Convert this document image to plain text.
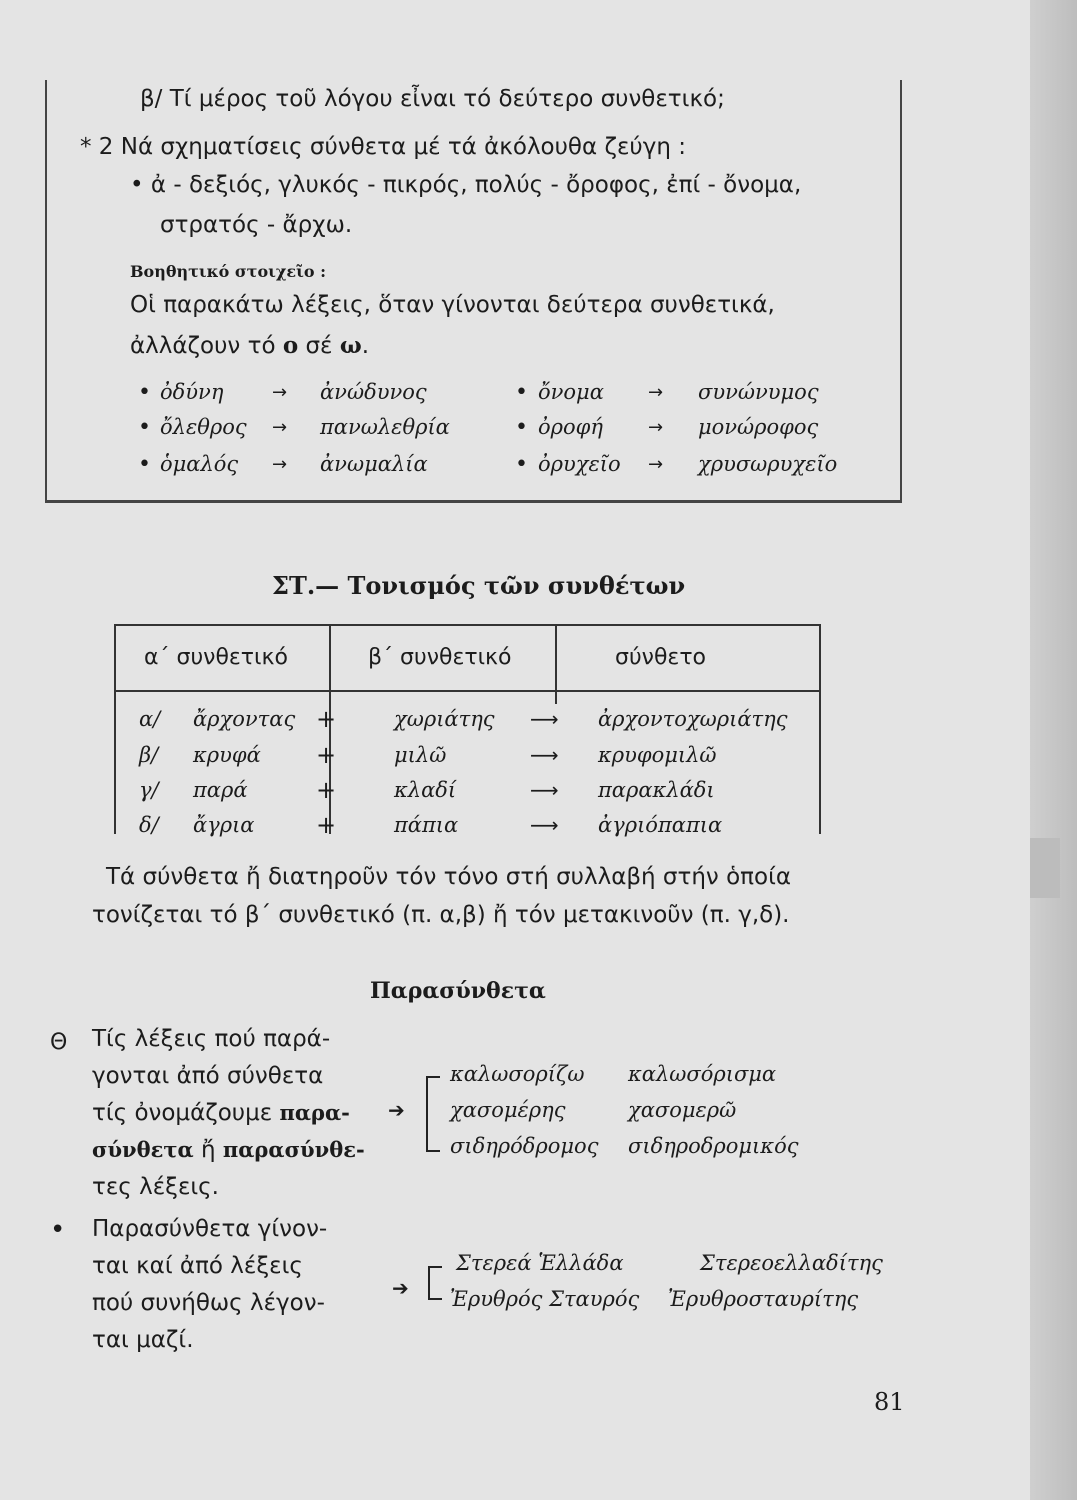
β/ Τί μέρος τοῦ λόγου εἶναι τό δεύτερο συνθετικό;
* 2 Νά σχηματίσεις σύνθετα μέ τά ἀκόλουθα ζεύγη :
• ἀ - δεξιός, γλυκός - πικρός, πολύς - ὄροφος, ἐπί - ὄνομα,
στρατός - ἄρχω.
Βοηθητικό στοιχεῖο :
Οἱ παρακάτω λέξεις, ὅταν γίνονται δεύτερα συνθετικά,
ἀλλάζουν τό ο σέ ω.
• ὀδύνη	→ ἀνώδυνος
• ὄλεθρος → πανωλεθρία
• ὁμαλός → ἀνωμαλία
• ὄνομα → συνώνυμος
• ὀροφή	→ μονώροφος
• ὀρυχεῖο → χρυσωρυχεῖο
ΣΤ.— Τονισμός τῶν συνθέτων
α΄ συνθετικό	β΄ συνθετικό	σύνθετο
α/ ἄρχοντας +	χωριάτης ⟶ ἀρχοντοχωριάτης
β/ κρυφά +	μιλῶ	⟶ κρυφομιλῶ
γ/ παρά	+	κλαδί	⟶ παρακλάδι
δ/ ἄγρια	+	πάπια	⟶ ἀγριόπαπια
Τά σύνθετα ἤ διατηροῦν τόν τόνο στή συλλαβή στήν ὁποία
τονίζεται τό β΄ συνθετικό (π. α,β) ἤ τόν μετακινοῦν (π. γ,δ).
Παρασύνθετα
Θ Τίς λέξεις πού παρά-
γονται ἀπό σύνθετα
τίς ὀνομάζουμε παρα-
σύνθετα ἤ παρασύνθε-
τες λέξεις.
➔
καλωσορίζω καλωσόρισμα
χασομέρης	χασομερῶ
σιδηρόδρομος σιδηροδρομικός
• Παρασύνθετα γίνον-
ται καί ἀπό λέξεις
πού συνήθως λέγον-
ται μαζί.
➔
Στερεά Ἑλλάδα	Στερεοελλαδίτης
Ἐρυθρός Σταυρός Ἐρυθροσταυρίτης
81
